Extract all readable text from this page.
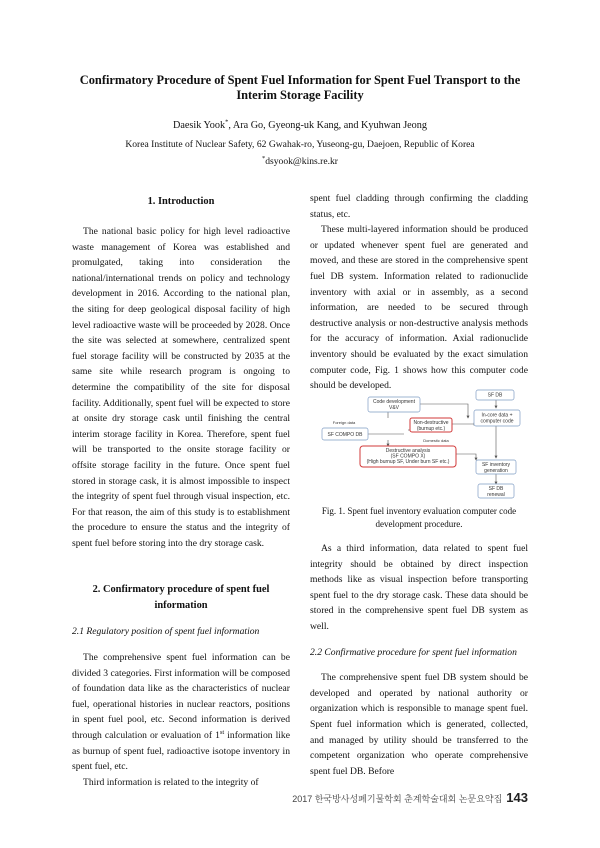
Confirmatory Procedure of Spent Fuel Information for Spent Fuel Transport to the Interim Storage Facility
Daesik Yook*, Ara Go, Gyeong-uk Kang, and Kyuhwan Jeong
Korea Institute of Nuclear Safety, 62 Gwahak-ro, Yuseong-gu, Daejoen, Republic of Korea
*dsyook@kins.re.kr
1. Introduction

The national basic policy for high level radioactive waste management of Korea was established and promulgated, taking into consideration the national/international trends on policy and technology development in 2016. According to the national plan, the siting for deep geological disposal facility of high level radioactive waste will be proceeded by 2028. Once the site was selected at somewhere, centralized spent fuel storage facility will be constructed by 2035 at the same site while research program is ongoing to determine the compatibility of the site for disposal facility. Additionally, spent fuel will be expected to store at onsite dry storage cask until finishing the central interim storage facility in Korea. Therefore, spent fuel will be transported to the onsite storage facility or offsite storage facility in the future. Once spent fuel stored in storage cask, it is almost impossible to inspect the integrity of spent fuel through visual inspection, etc. For that reason, the aim of this study is to establishment the procedure to ensure the status and the integrity of spent fuel before storing into the dry storage cask.

2. Confirmatory procedure of spent fuel information
2.1 Regulatory position of spent fuel information

The comprehensive spent fuel information can be divided 3 categories. First information will be composed of foundation data like as the characteristics of nuclear fuel, operational histories in nuclear reactors, positions in spent fuel pool, etc. Second information is derived through calculation or evaluation of 1st information like as burnup of spent fuel, radioactive isotope inventory in spent fuel, etc.

Third information is related to the integrity of

spent fuel cladding through confirming the cladding status, etc.

These multi-layered information should be produced or updated whenever spent fuel are generated and moved, and these are stored in the comprehensive spent fuel DB system. Information related to radionuclide inventory with axial or in assembly, as a second information, are needed to be secured through destructive analysis or non-destructive analysis methods for the accuracy of information. Axial radionuclide inventory should be evaluated by the exact simulation computer code, Fig. 1 shows how this computer code should be developed.

SF DB
Code development
V&V
In-core data +
computer code
Foreign data
SF COMPO DB
Non-destructive
(burnup etc.)
Domestic data
Destructive analysis
(SF COMPO X)
(High burnup SF, Under burn SF etc.)	SF inventory
generation
SF DB
renewal
Fig. 1. Spent fuel inventory evaluation computer code development procedure.

As a third information, data related to spent fuel integrity should be obtained by direct inspection methods like as visual inspection before transporting spent fuel to the dry storage cask. These data should be stored in the comprehensive spent fuel DB system as well.

2.2 Confirmative procedure for spent fuel information

The comprehensive spent fuel DB system should be developed and operated by national authority or organization which is responsible to manage spent fuel. Spent fuel information which is generated, collected, and managed by utility should be transferred to the competent organization who operate comprehensive spent fuel DB. Before

2017 한국방사성폐기물학회 춘계학술대회 논문요약집 143
